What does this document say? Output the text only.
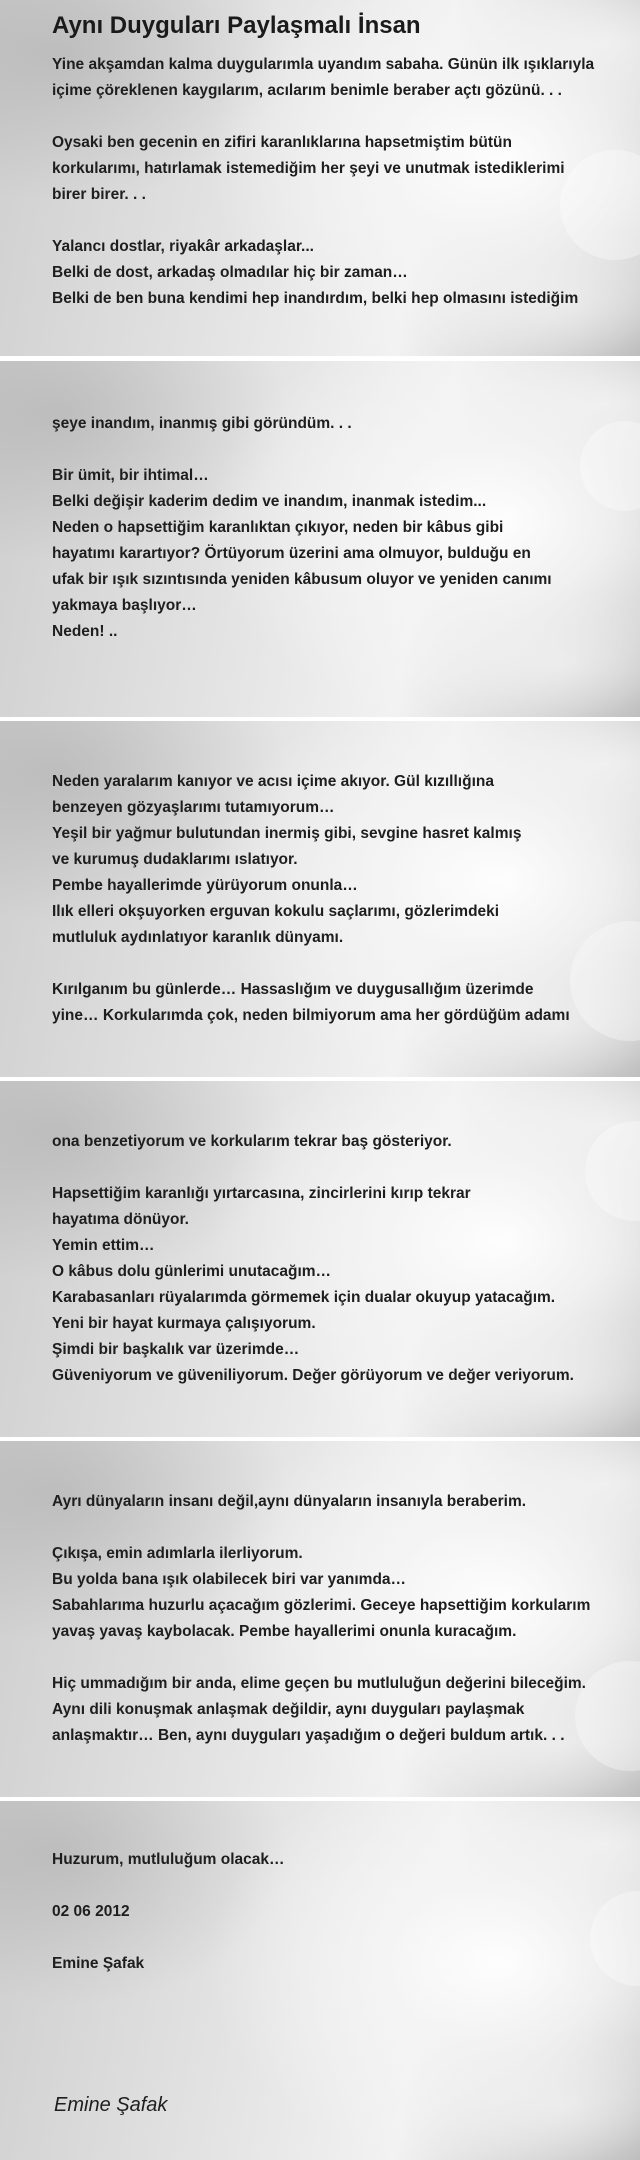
Aynı Duyguları Paylaşmalı İnsan
Yine akşamdan kalma duygularımla uyandım sabaha. Günün ilk ışıklarıyla
içime çöreklenen kaygılarım, acılarım benimle beraber açtı gözünü. . .

Oysaki ben gecenin en zifiri karanlıklarına hapsetmiştim bütün
korkularımı, hatırlamak istemediğim her şeyi ve unutmak istediklerimi
birer birer. . .

Yalancı dostlar, riyakâr arkadaşlar...
Belki de dost, arkadaş olmadılar hiç bir zaman…
Belki de ben buna kendimi hep inandırdım, belki hep olmasını istediğim
şeye inandım, inanmış gibi göründüm. . .

Bir ümit, bir ihtimal…
Belki değişir kaderim dedim ve inandım, inanmak istedim...
Neden o hapsettiğim karanlıktan çıkıyor, neden bir kâbus gibi
hayatımı karartıyor? Örtüyorum üzerini ama olmuyor, bulduğu en
ufak bir ışık sızıntısında yeniden kâbusum oluyor ve yeniden canımı
yakmaya başlıyor…
Neden! ..
Neden yaralarım kanıyor ve acısı içime akıyor. Gül kızıllığına
benzeyen gözyaşlarımı tutamıyorum…
Yeşil bir yağmur bulutundan inermiş gibi, sevgine hasret kalmış
ve kurumuş dudaklarımı ıslatıyor.
Pembe hayallerimde yürüyorum onunla…
Ilık elleri okşuyorken erguvan kokulu saçlarımı, gözlerimdeki
mutluluk aydınlatıyor karanlık dünyamı.

Kırılganım bu günlerde… Hassaslığım ve duygusallığım üzerimde
yine… Korkularımda çok, neden bilmiyorum ama her gördüğüm adamı
ona benzetiyorum ve korkularım tekrar baş gösteriyor.

Hapsettiğim karanlığı yırtarcasına, zincirlerini kırıp tekrar
hayatıma dönüyor.
Yemin ettim…
O kâbus dolu günlerimi unutacağım…
Karabasanları rüyalarımda görmemek için dualar okuyup yatacağım.
Yeni bir hayat kurmaya çalışıyorum.
Şimdi bir başkalık var üzerimde…
Güveniyorum ve güveniliyorum. Değer görüyorum ve değer veriyorum.
Ayrı dünyaların insanı değil,aynı dünyaların insanıyla beraberim.

Çıkışa, emin adımlarla ilerliyorum.
Bu yolda bana ışık olabilecek biri var yanımda…
Sabahlarıma huzurlu açacağım gözlerimi. Geceye hapsettiğim korkularım
yavaş yavaş kaybolacak. Pembe hayallerimi onunla kuracağım.

Hiç ummadığım bir anda, elime geçen bu mutluluğun değerini bileceğim.
Aynı dili konuşmak anlaşmak değildir, aynı duyguları paylaşmak
anlaşmaktır… Ben, aynı duyguları yaşadığım o değeri buldum artık. . .
Huzurum, mutluluğum olacak…

02 06 2012

Emine Şafak
Emine Şafak
